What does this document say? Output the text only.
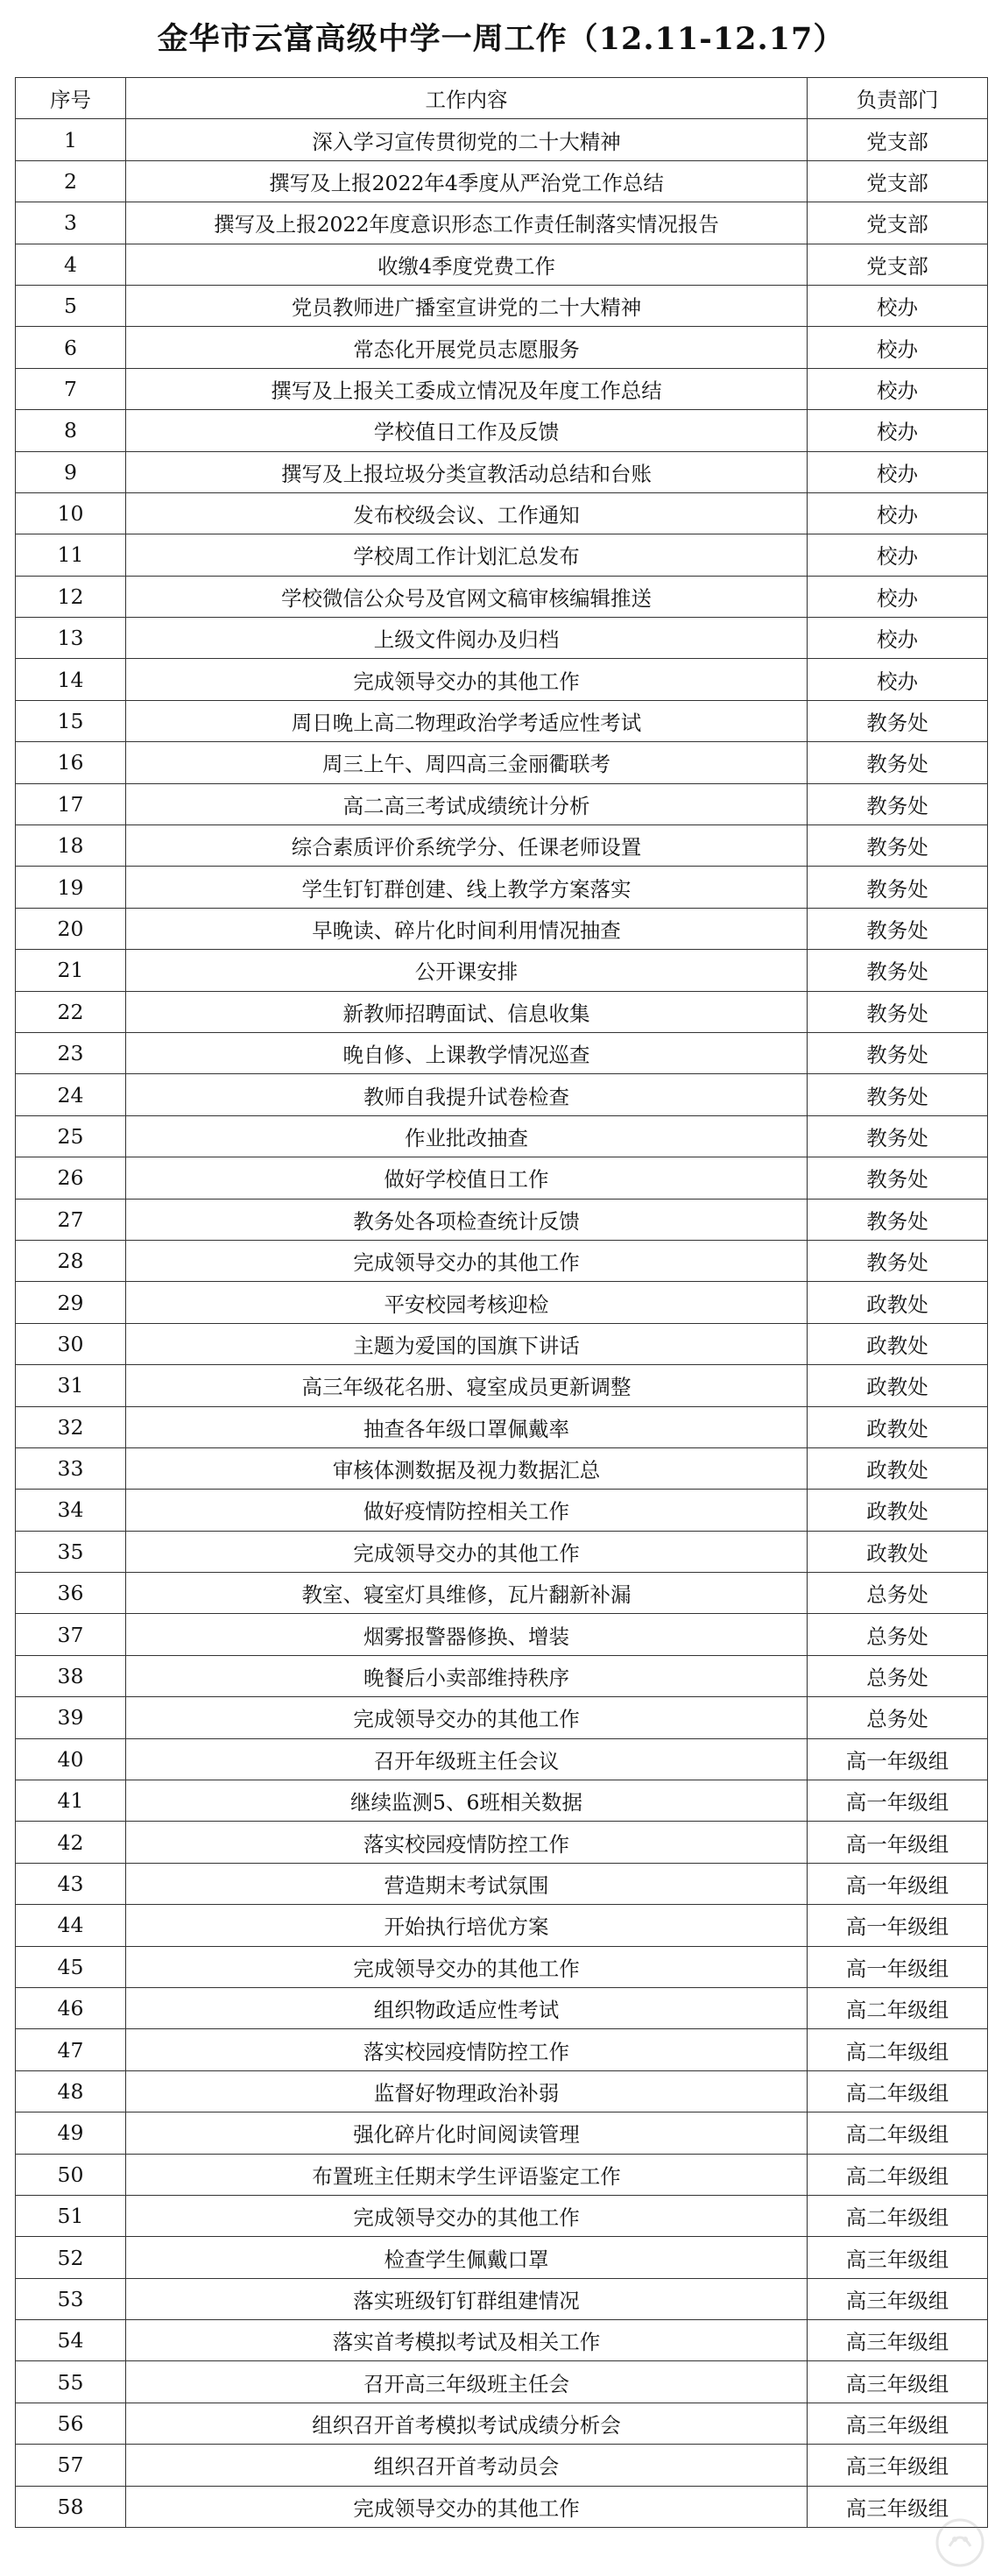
金华市云富高级中学一周工作（12.11-12.17）
序号	工作内容	负责部门
1	深入学习宣传贯彻党的二十大精神	党支部
2	撰写及上报2022年4季度从严治党工作总结	党支部
3	撰写及上报2022年度意识形态工作责任制落实情况报告	党支部
4	收缴4季度党费工作	党支部
5	党员教师进广播室宣讲党的二十大精神	校办
6	常态化开展党员志愿服务	校办
7	撰写及上报关工委成立情况及年度工作总结	校办
8	学校值日工作及反馈	校办
9	撰写及上报垃圾分类宣教活动总结和台账	校办
10	发布校级会议、工作通知	校办
11	学校周工作计划汇总发布	校办
12	学校微信公众号及官网文稿审核编辑推送	校办
13	上级文件阅办及归档	校办
14	完成领导交办的其他工作	校办
15	周日晚上高二物理政治学考适应性考试	教务处
16	周三上午、周四高三金丽衢联考	教务处
17	高二高三考试成绩统计分析	教务处
18	综合素质评价系统学分、任课老师设置	教务处
19	学生钉钉群创建、线上教学方案落实	教务处
20	早晚读、碎片化时间利用情况抽查	教务处
21	公开课安排	教务处
22	新教师招聘面试、信息收集	教务处
23	晚自修、上课教学情况巡查	教务处
24	教师自我提升试卷检查	教务处
25	作业批改抽查	教务处
26	做好学校值日工作	教务处
27	教务处各项检查统计反馈	教务处
28	完成领导交办的其他工作	教务处
29	平安校园考核迎检	政教处
30	主题为爱国的国旗下讲话	政教处
31	高三年级花名册、寝室成员更新调整	政教处
32	抽查各年级口罩佩戴率	政教处
33	审核体测数据及视力数据汇总	政教处
34	做好疫情防控相关工作	政教处
35	完成领导交办的其他工作	政教处
36	教室、寝室灯具维修，瓦片翻新补漏	总务处
37	烟雾报警器修换、增装	总务处
38	晚餐后小卖部维持秩序	总务处
39	完成领导交办的其他工作	总务处
40	召开年级班主任会议	高一年级组
41	继续监测5、6班相关数据	高一年级组
42	落实校园疫情防控工作	高一年级组
43	营造期末考试氛围	高一年级组
44	开始执行培优方案	高一年级组
45	完成领导交办的其他工作	高一年级组
46	组织物政适应性考试	高二年级组
47	落实校园疫情防控工作	高二年级组
48	监督好物理政治补弱	高二年级组
49	强化碎片化时间阅读管理	高二年级组
50	布置班主任期末学生评语鉴定工作	高二年级组
51	完成领导交办的其他工作	高二年级组
52	检查学生佩戴口罩	高三年级组
53	落实班级钉钉群组建情况	高三年级组
54	落实首考模拟考试及相关工作	高三年级组
55	召开高三年级班主任会	高三年级组
56	组织召开首考模拟考试成绩分析会	高三年级组
57	组织召开首考动员会	高三年级组
58	完成领导交办的其他工作	高三年级组
